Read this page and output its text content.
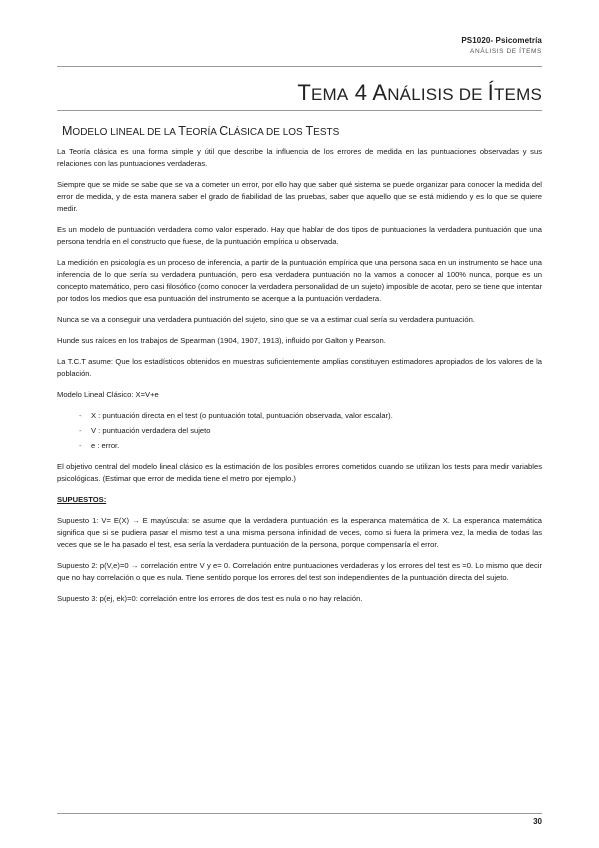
PS1020- Psicometría
ANÁLISIS DE ÍTEMS
TEMA 4 ANÁLISIS DE ÍTEMS
MODELO LINEAL DE LA TEORÍA CLÁSICA DE LOS TESTS

La Teoría clásica es una forma simple y útil que describe la influencia de los errores de medida en las puntuaciones observadas y sus relaciones con las puntuaciones verdaderas.

Siempre que se mide se sabe que se va a cometer un error, por ello hay que saber qué sistema se puede organizar para conocer la medida del error de medida, y de esta manera saber el grado de fiabilidad de las pruebas, saber que aquello que se está midiendo y es lo que se quiere medir.

Es un modelo de puntuación verdadera como valor esperado. Hay que hablar de dos tipos de puntuaciones la verdadera puntuación que una persona tendría en el constructo que fuese, de la puntuación empírica u observada.

La medición en psicología es un proceso de inferencia, a partir de la puntuación empírica que una persona saca en un instrumento se hace una inferencia de lo que sería su verdadera puntuación, pero esa verdadera puntuación no la vamos a conocer al 100% nunca, porque es un concepto matemático, pero casi filosófico (como conocer la verdadera personalidad de un sujeto) imposible de acotar, pero se tiene que intentar por todos los medios que esa puntuación del instrumento se acerque a la puntuación verdadera.

Nunca se va a conseguir una verdadera puntuación del sujeto, sino que se va a estimar cual sería su verdadera puntuación.

Hunde sus raíces en los trabajos de Spearman (1904, 1907, 1913), influido por Galton y Pearson.

La T.C.T asume: Que los estadísticos obtenidos en muestras suficientemente amplias constituyen estimadores apropiados de los valores de la población.

Modelo Lineal Clásico: X=V+e

- X : puntuación directa en el test (o puntuación total, puntuación observada, valor escalar).
- V : puntuación verdadera del sujeto
- e : error.

El objetivo central del modelo lineal clásico es la estimación de los posibles errores cometidos cuando se utilizan los tests para medir variables psicológicas. (Estimar que error de medida tiene el metro por ejemplo.)

SUPUESTOS:

Supuesto 1: V= E(X) → E mayúscula: se asume que la verdadera puntuación es la esperanca matemática de X. La esperanca matemática significa que si se pudiera pasar el mismo test a una misma persona infinidad de veces, como si fuera la primera vez, la media de todas las veces que se le ha pasado el test, esa sería la verdadera puntuación de la persona, porque compensaría el error.

Supuesto 2: p(V,e)=0 → correlación entre V y e= 0. Correlación entre puntuaciones verdaderas y los errores del test es =0. Lo mismo que decir que no hay correlación o que es nula. Tiene sentido porque los errores del test son independientes de la puntuación directa del sujeto.

Supuesto 3: p(ej, ek)=0: correlación entre los errores de dos test es nula o no hay relación.

30
